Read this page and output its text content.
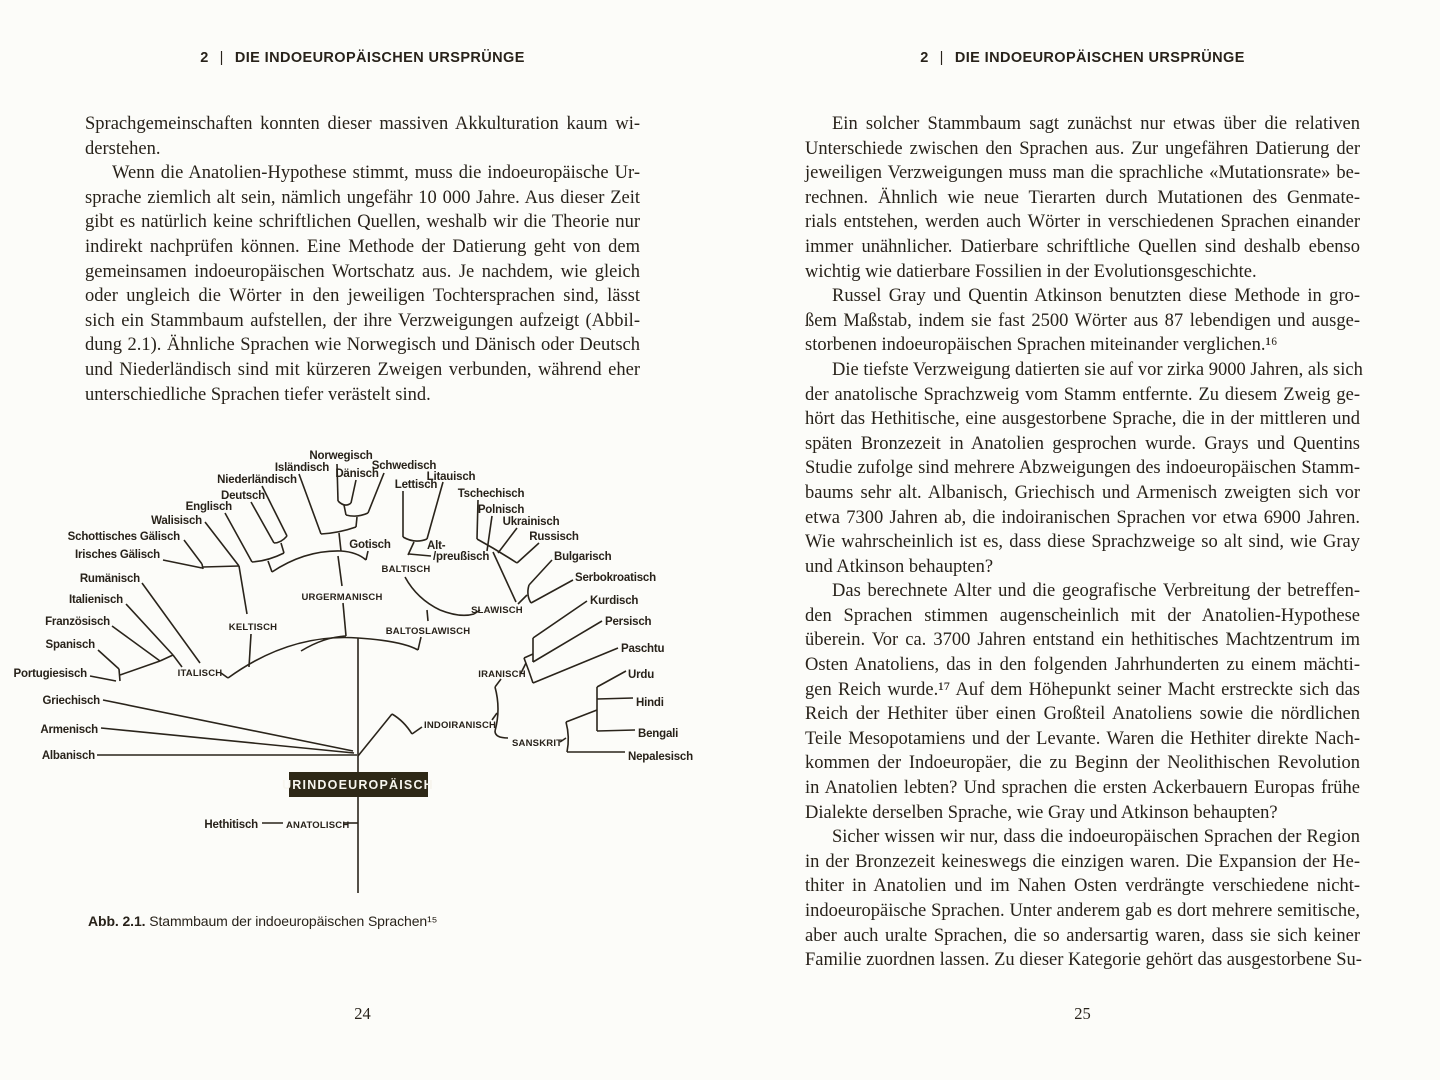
2 | DIE INDOEUROPÄISCHEN URSPRÜNGE
Sprachgemeinschaften konnten dieser massiven Akkulturation kaum wi-
derstehen.
Wenn die Anatolien-Hypothese stimmt, muss die indoeuropäische Ur-
sprache ziemlich alt sein, nämlich ungefähr 10 000 Jahre. Aus dieser Zeit
gibt es natürlich keine schriftlichen Quellen, weshalb wir die Theorie nur
indirekt nachprüfen können. Eine Methode der Datierung geht von dem
gemeinsamen indoeuropäischen Wortschatz aus. Je nachdem, wie gleich
oder ungleich die Wörter in den jeweiligen Tochtersprachen sind, lässt
sich ein Stammbaum aufstellen, der ihre Verzweigungen aufzeigt (Abbil-
dung 2.1). Ähnliche Sprachen wie Norwegisch und Dänisch oder Deutsch
und Niederländisch sind mit kürzeren Zweigen verbunden, während eher
unterschiedliche Sprachen tiefer verästelt sind.
Norwegisch
Isländisch Dänisch
Schwedisch
Niederländisch
Deutsch
Englisch
Walisisch
Schottisches Gälisch
Irisches Gälisch
Rumänisch
Italienisch
Französisch
Spanisch
Portugiesisch
Griechisch
Armenisch
Albanisch
Gotisch	Alt-
/preußisch
Lettisch
Litauisch
Tschechisch
Polnisch
Ukrainisch
Russisch
Bulgarisch
Serbokroatisch
Kurdisch
Persisch
Paschtu
Urdu
Hindi
Bengali
Nepalesisch
Hethitisch
BALTISCH
URGERMANISCH
SLAWISCH
KELTISCH	BALTOSLAWISCH
ITALISCH	IRANISCH
INDOIRANISCH
SANSKRIT
ANATOLISCH
URINDOEUROPÄISCH
Abb. 2.1. Stammbaum der indoeuropäischen Sprachen¹⁵
24
2 | DIE INDOEUROPÄISCHEN URSPRÜNGE
Ein solcher Stammbaum sagt zunächst nur etwas über die relativen
Unterschiede zwischen den Sprachen aus. Zur ungefähren Datierung der
jeweiligen Verzweigungen muss man die sprachliche «Mutationsrate» be-
rechnen. Ähnlich wie neue Tierarten durch Mutationen des Genmate-
rials entstehen, werden auch Wörter in verschiedenen Sprachen einander
immer unähnlicher. Datierbare schriftliche Quellen sind deshalb ebenso
wichtig wie datierbare Fossilien in der Evolutionsgeschichte.
Russel Gray und Quentin Atkinson benutzten diese Methode in gro-
ßem Maßstab, indem sie fast 2500 Wörter aus 87 lebendigen und ausge-
storbenen indoeuropäischen Sprachen miteinander verglichen.¹⁶
Die tiefste Verzweigung datierten sie auf vor zirka 9000 Jahren, als sich
der anatolische Sprachzweig vom Stamm entfernte. Zu diesem Zweig ge-
hört das Hethitische, eine ausgestorbene Sprache, die in der mittleren und
späten Bronzezeit in Anatolien gesprochen wurde. Grays und Quentins
Studie zufolge sind mehrere Abzweigungen des indoeuropäischen Stamm-
baums sehr alt. Albanisch, Griechisch und Armenisch zweigten sich vor
etwa 7300 Jahren ab, die indoiranischen Sprachen vor etwa 6900 Jahren.
Wie wahrscheinlich ist es, dass diese Sprachzweige so alt sind, wie Gray
und Atkinson behaupten?
Das berechnete Alter und die geografische Verbreitung der betreffen-
den Sprachen stimmen augenscheinlich mit der Anatolien-Hypothese
überein. Vor ca. 3700 Jahren entstand ein hethitisches Machtzentrum im
Osten Anatoliens, das in den folgenden Jahrhunderten zu einem mächti-
gen Reich wurde.¹⁷ Auf dem Höhepunkt seiner Macht erstreckte sich das
Reich der Hethiter über einen Großteil Anatoliens sowie die nördlichen
Teile Mesopotamiens und der Levante. Waren die Hethiter direkte Nach-
kommen der Indoeuropäer, die zu Beginn der Neolithischen Revolution
in Anatolien lebten? Und sprachen die ersten Ackerbauern Europas frühe
Dialekte derselben Sprache, wie Gray und Atkinson behaupten?
Sicher wissen wir nur, dass die indoeuropäischen Sprachen der Region
in der Bronzezeit keineswegs die einzigen waren. Die Expansion der He-
thiter in Anatolien und im Nahen Osten verdrängte verschiedene nicht-
indoeuropäische Sprachen. Unter anderem gab es dort mehrere semitische,
aber auch uralte Sprachen, die so andersartig waren, dass sie sich keiner
Familie zuordnen lassen. Zu dieser Kategorie gehört das ausgestorbene Su-
25
